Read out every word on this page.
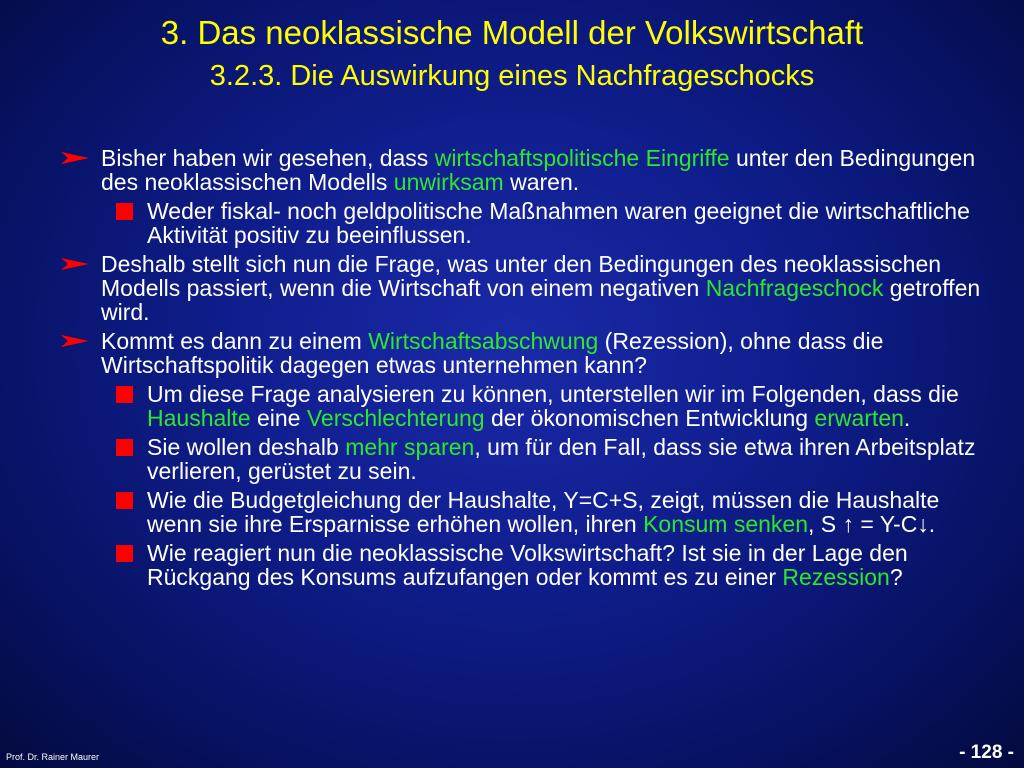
3. Das neoklassische Modell der Volkswirtschaft
3.2.3. Die Auswirkung eines Nachfrageschocks
Bisher haben wir gesehen, dass wirtschaftspolitische Eingriffe unter den Bedingungen des neoklassischen Modells unwirksam waren.
Weder fiskal- noch geldpolitische Maßnahmen waren geeignet die wirtschaftliche Aktivität positiv zu beeinflussen.
Deshalb stellt sich nun die Frage, was unter den Bedingungen des neoklassischen Modells passiert, wenn die Wirtschaft von einem negativen Nachfrageschock getroffen wird.
Kommt es dann zu einem Wirtschaftsabschwung (Rezession), ohne dass die Wirtschaftspolitik dagegen etwas unternehmen kann?
Um diese Frage analysieren zu können, unterstellen wir im Folgenden, dass die Haushalte eine Verschlechterung der ökonomischen Entwicklung erwarten.
Sie wollen deshalb mehr sparen, um für den Fall, dass sie etwa ihren Arbeitsplatz verlieren, gerüstet zu sein.
Wie die Budgetgleichung der Haushalte, Y=C+S, zeigt, müssen die Haushalte wenn sie ihre Ersparnisse erhöhen wollen, ihren Konsum senken, S ↑ = Y-C↓.
Wie reagiert nun die neoklassische Volkswirtschaft? Ist sie in der Lage den Rückgang des Konsums aufzufangen oder kommt es zu einer Rezession?
Prof. Dr. Rainer Maurer	- 128 -
